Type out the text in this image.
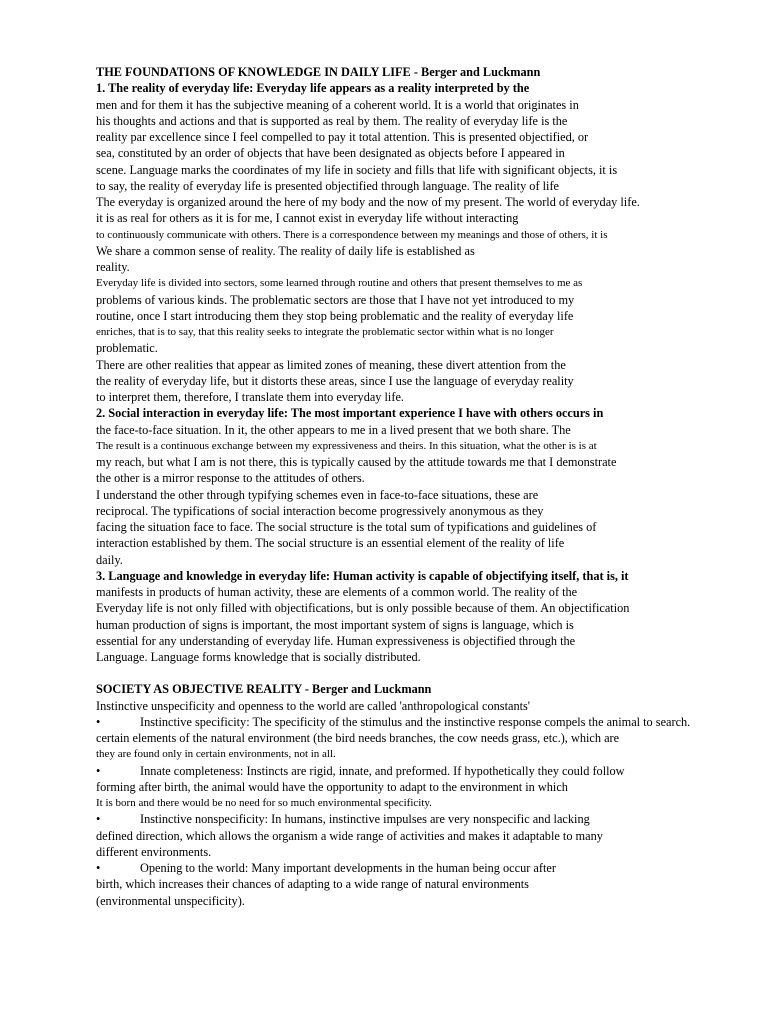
THE FOUNDATIONS OF KNOWLEDGE IN DAILY LIFE - Berger and Luckmann
1. The reality of everyday life: Everyday life appears as a reality interpreted by the
men and for them it has the subjective meaning of a coherent world. It is a world that originates in
his thoughts and actions and that is supported as real by them. The reality of everyday life is the
reality par excellence since I feel compelled to pay it total attention. This is presented objectified, or
sea, constituted by an order of objects that have been designated as objects before I appeared in
scene. Language marks the coordinates of my life in society and fills that life with significant objects, it is
to say, the reality of everyday life is presented objectified through language. The reality of life
The everyday is organized around the here of my body and the now of my present. The world of everyday life.
it is as real for others as it is for me, I cannot exist in everyday life without interacting
to continuously communicate with others. There is a correspondence between my meanings and those of others, it is
We share a common sense of reality. The reality of daily life is established as
reality.
Everyday life is divided into sectors, some learned through routine and others that present themselves to me as
problems of various kinds. The problematic sectors are those that I have not yet introduced to my
routine, once I start introducing them they stop being problematic and the reality of everyday life
enriches, that is to say, that this reality seeks to integrate the problematic sector within what is no longer
problematic.
There are other realities that appear as limited zones of meaning, these divert attention from the
the reality of everyday life, but it distorts these areas, since I use the language of everyday reality
to interpret them, therefore, I translate them into everyday life.
2. Social interaction in everyday life: The most important experience I have with others occurs in
the face-to-face situation. In it, the other appears to me in a lived present that we both share. The
The result is a continuous exchange between my expressiveness and theirs. In this situation, what the other is is at
my reach, but what I am is not there, this is typically caused by the attitude towards me that I demonstrate
the other is a mirror response to the attitudes of others.
I understand the other through typifying schemes even in face-to-face situations, these are
reciprocal. The typifications of social interaction become progressively anonymous as they
facing the situation face to face. The social structure is the total sum of typifications and guidelines of
interaction established by them. The social structure is an essential element of the reality of life
daily.
3. Language and knowledge in everyday life: Human activity is capable of objectifying itself, that is, it
manifests in products of human activity, these are elements of a common world. The reality of the
Everyday life is not only filled with objectifications, but is only possible because of them. An objectification
human production of signs is important, the most important system of signs is language, which is
essential for any understanding of everyday life. Human expressiveness is objectified through the
Language. Language forms knowledge that is socially distributed.
SOCIETY AS OBJECTIVE REALITY - Berger and Luckmann
Instinctive unspecificity and openness to the world are called 'anthropological constants'
•	Instinctive specificity: The specificity of the stimulus and the instinctive response compels the animal to search.
certain elements of the natural environment (the bird needs branches, the cow needs grass, etc.), which are
they are found only in certain environments, not in all.
•	Innate completeness: Instincts are rigid, innate, and preformed. If hypothetically they could follow
forming after birth, the animal would have the opportunity to adapt to the environment in which
It is born and there would be no need for so much environmental specificity.
•	Instinctive nonspecificity: In humans, instinctive impulses are very nonspecific and lacking
defined direction, which allows the organism a wide range of activities and makes it adaptable to many
different environments.
•	Opening to the world: Many important developments in the human being occur after
birth, which increases their chances of adapting to a wide range of natural environments
(environmental unspecificity).
